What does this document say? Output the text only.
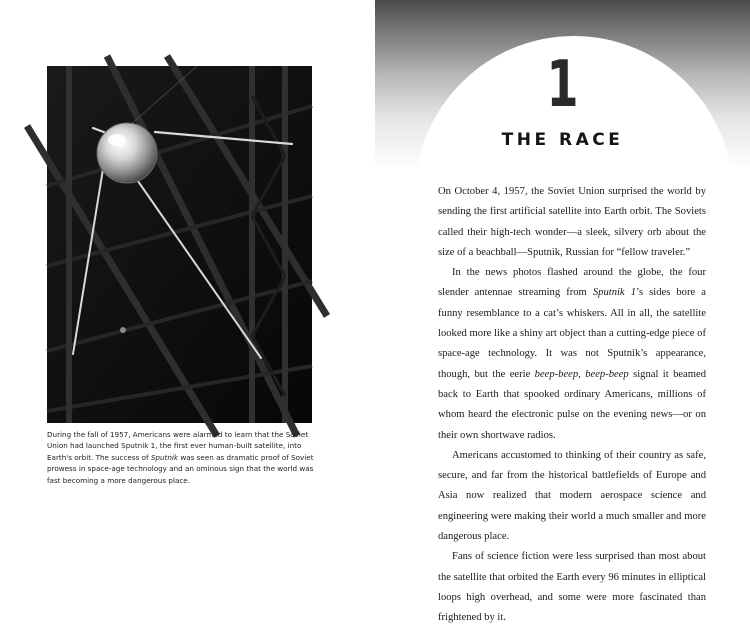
During the fall of 1957, Americans were alarmed to learn that the Soviet Union had launched Sputnik 1, the first ever human-built satellite, into Earth's orbit. The success of Sputnik was seen as dramatic proof of Soviet prowess in space-age technology and an ominous sign that the world was fast becoming a more dangerous place.

1
THE RACE

On October 4, 1957, the Soviet Union surprised the world by sending the first artificial satellite into Earth orbit. The Soviets called their high-tech wonder—a sleek, silvery orb about the size of a beachball—Sputnik, Russian for “fellow traveler.”

In the news photos flashed around the globe, the four slender antennae streaming from Sputnik 1’s sides bore a funny resemblance to a cat’s whiskers. All in all, the satellite looked more like a shiny art object than a cutting-edge piece of space-age technology. It was not Sputnik’s appearance, though, but the eerie beep-beep, beep-beep signal it beamed back to Earth that spooked ordinary Americans, millions of whom heard the electronic pulse on the evening news—or on their own shortwave radios.

Americans accustomed to thinking of their country as safe, secure, and far from the historical battlefields of Europe and Asia now realized that modern aerospace science and engineering were making their world a much smaller and more dangerous place.

Fans of science fiction were less surprised than most about the satellite that orbited the Earth every 96 minutes in elliptical loops high overhead, and some were more fascinated than frightened by it.
